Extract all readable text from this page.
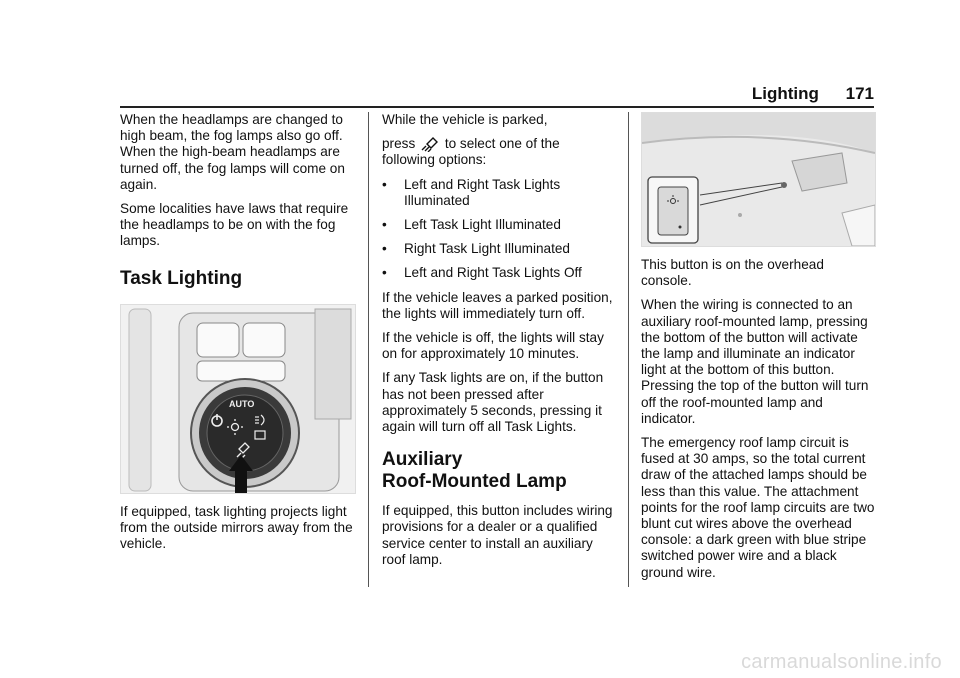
Lighting 171

When the headlamps are changed to high beam, the fog lamps also go off. When the high-beam headlamps are turned off, the fog lamps will come on again.

Some localities have laws that require the headlamps to be on with the fog lamps.

Task Lighting
AUTO

If equipped, task lighting projects light from the outside mirrors away from the vehicle.

While the vehicle is parked,

press to select one of the following options:

•	Left and Right Task Lights Illuminated
•	Left Task Light Illuminated
•	Right Task Light Illuminated
•	Left and Right Task Lights Off

If the vehicle leaves a parked position, the lights will immediately turn off.

If the vehicle is off, the lights will stay on for approximately 10 minutes.

If any Task lights are on, if the button has not been pressed after approximately 5 seconds, pressing it again will turn off all Task Lights.

Auxiliary
Roof-Mounted Lamp

If equipped, this button includes wiring provisions for a dealer or a qualified service center to install an auxiliary roof lamp.

This button is on the overhead console.

When the wiring is connected to an auxiliary roof-mounted lamp, pressing the bottom of the button will activate the lamp and illuminate an indicator light at the bottom of this button. Pressing the top of the button will turn off the roof-mounted lamp and indicator.

The emergency roof lamp circuit is fused at 30 amps, so the total current draw of the attached lamps should be less than this value. The attachment points for the roof lamp circuits are two blunt cut wires above the overhead console: a dark green with blue stripe switched power wire and a black ground wire.

carmanualsonline.info
